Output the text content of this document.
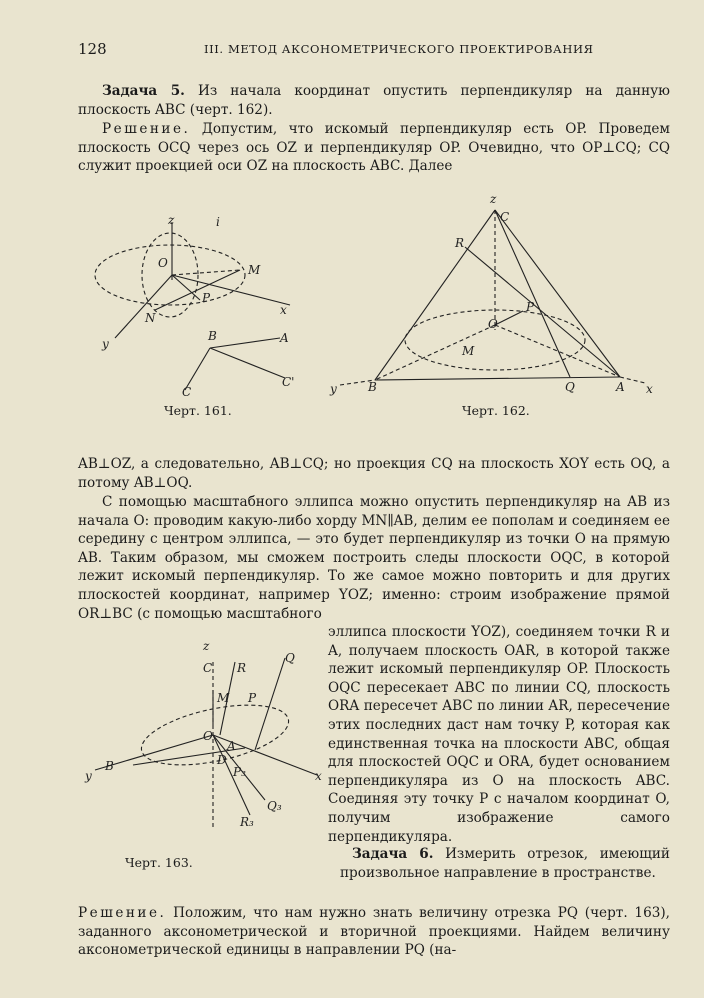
128	III. МЕТОД АКСОНОМЕТРИЧЕСКОГО ПРОЕКТИРОВАНИЯ
Задача 5. Из начала координат опустить перпендикуляр на данную плоскость ABC (черт. 162).
Решение. Допустим, что искомый перпендикуляр есть OP. Проведем плоскость OCQ через ось OZ и перпендикуляр OP. Очевидно, что OP⊥CQ; CQ служит проекцией оси OZ на плоскость ABC. Далее
z	i
O	M
P
x
N
y
B	A
C
C'
Черт. 161.
z
C
R
P
O
M
y	B	Q	A x
Черт. 162.
AB⊥OZ, а следовательно, AB⊥CQ; но проекция CQ на плоскость XOY есть OQ, а потому AB⊥OQ.
С помощью масштабного эллипса можно опустить перпендикуляр на AB из начала O: проводим какую-либо хорду MN∥AB, делим ее пополам и соединяем ее середину с центром эллипса, — это будет перпендикуляр из точки O на прямую AB. Таким образом, мы сможем построить следы плоскости OQC, в которой лежит искомый перпендикуляр. То же самое можно повторить и для других плоскостей координат, например YOZ; именно: строим изображение прямой OR⊥BC (с помощью масштабного
эллипса плоскости YOZ), соединяем точки R и A, получаем плоскость OAR, в которой также лежит искомый перпендикуляр OP. Плоскость OQC пересекает ABC по линии CQ, плоскость ORA пересечет ABC по линии AR, пересечение этих последних даст нам точку P, которая как единственная точка на плоскости ABC, общая для плоскостей OQC и ORA, будет основанием перпендикуляра из O на плоскость ABC. Соединяя эту точку P с началом координат O, получим изображение самого перпендикуляра.
z
C R
Q
M P
O
A
D
y
B	P₃	x
Q₃
R₃
Черт. 163.
Задача 6. Измерить отрезок, имеющий произвольное направление в пространстве.
Решение. Положим, что нам нужно знать величину отрезка PQ (черт. 163), заданного аксонометрической и вторичной проекциями. Найдем величину аксонометрической единицы в направлении PQ (на-
